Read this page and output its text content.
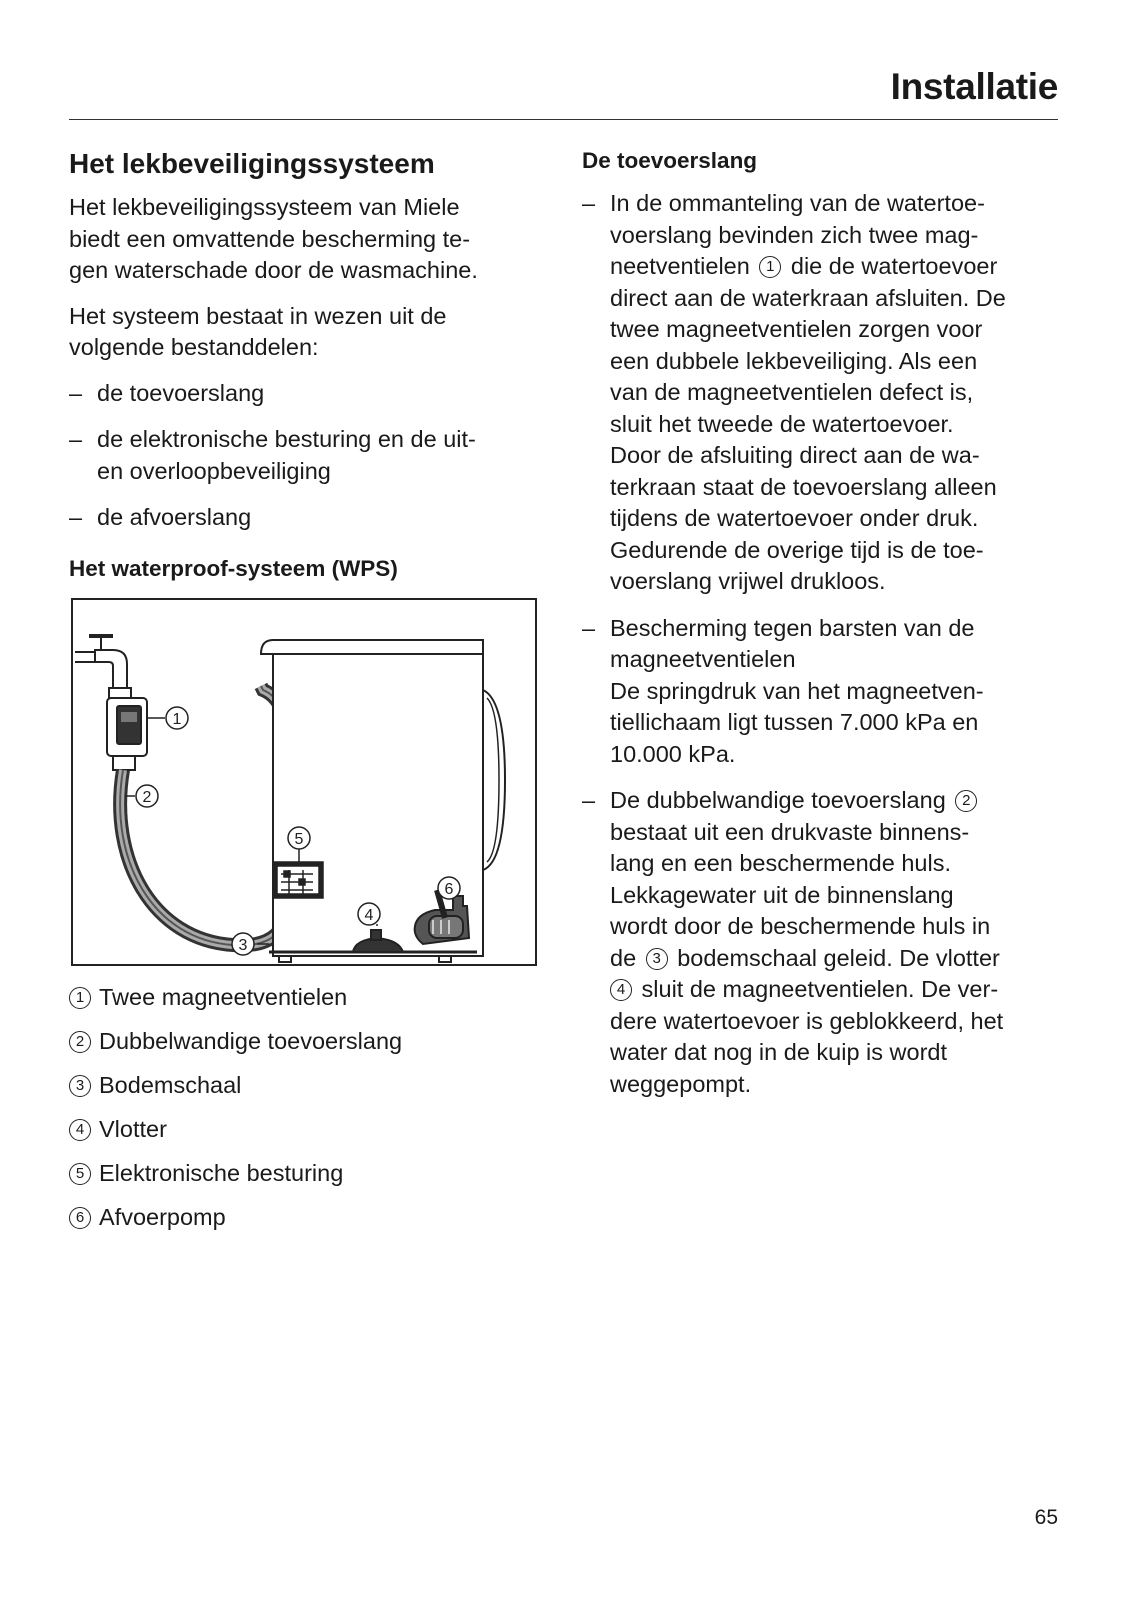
Installatie
Het lekbeveiligingssysteem

Het lekbeveiligingssysteem van Miele
biedt een omvattende bescherming te-
gen waterschade door de wasmachine.

Het systeem bestaat in wezen uit de
volgende bestanddelen:

– de toevoerslang
– de elektronische besturing en de uit-
en overloopbeveiliging
– de afvoerslang
Het waterproof-systeem (WPS)
1
2
3
4
5
6
1 Twee magneetventielen
2 Dubbelwandige toevoerslang
3 Bodemschaal
4 Vlotter
5 Elektronische besturing
6 Afvoerpomp
De toevoerslang
– In de ommanteling van de watertoe-
voerslang bevinden zich twee mag-
neetventielen 1 die de watertoevoer
direct aan de waterkraan afsluiten. De
twee magneetventielen zorgen voor
een dubbele lekbeveiliging. Als een
van de magneetventielen defect is,
sluit het tweede de watertoevoer.
Door de afsluiting direct aan de wa-
terkraan staat de toevoerslang alleen
tijdens de watertoevoer onder druk.
Gedurende de overige tijd is de toe-
voerslang vrijwel drukloos.
– Bescherming tegen barsten van de
magneetventielen
De springdruk van het magneetven-
tiellichaam ligt tussen 7.000 kPa en
10.000 kPa.
– De dubbelwandige toevoerslang 2
bestaat uit een drukvaste binnens-
lang en een beschermende huls.
Lekkagewater uit de binnenslang
wordt door de beschermende huls in
de 3 bodemschaal geleid. De vlotter
4 sluit de magneetventielen. De ver-
dere watertoevoer is geblokkeerd, het
water dat nog in de kuip is wordt
weggepompt.
65
